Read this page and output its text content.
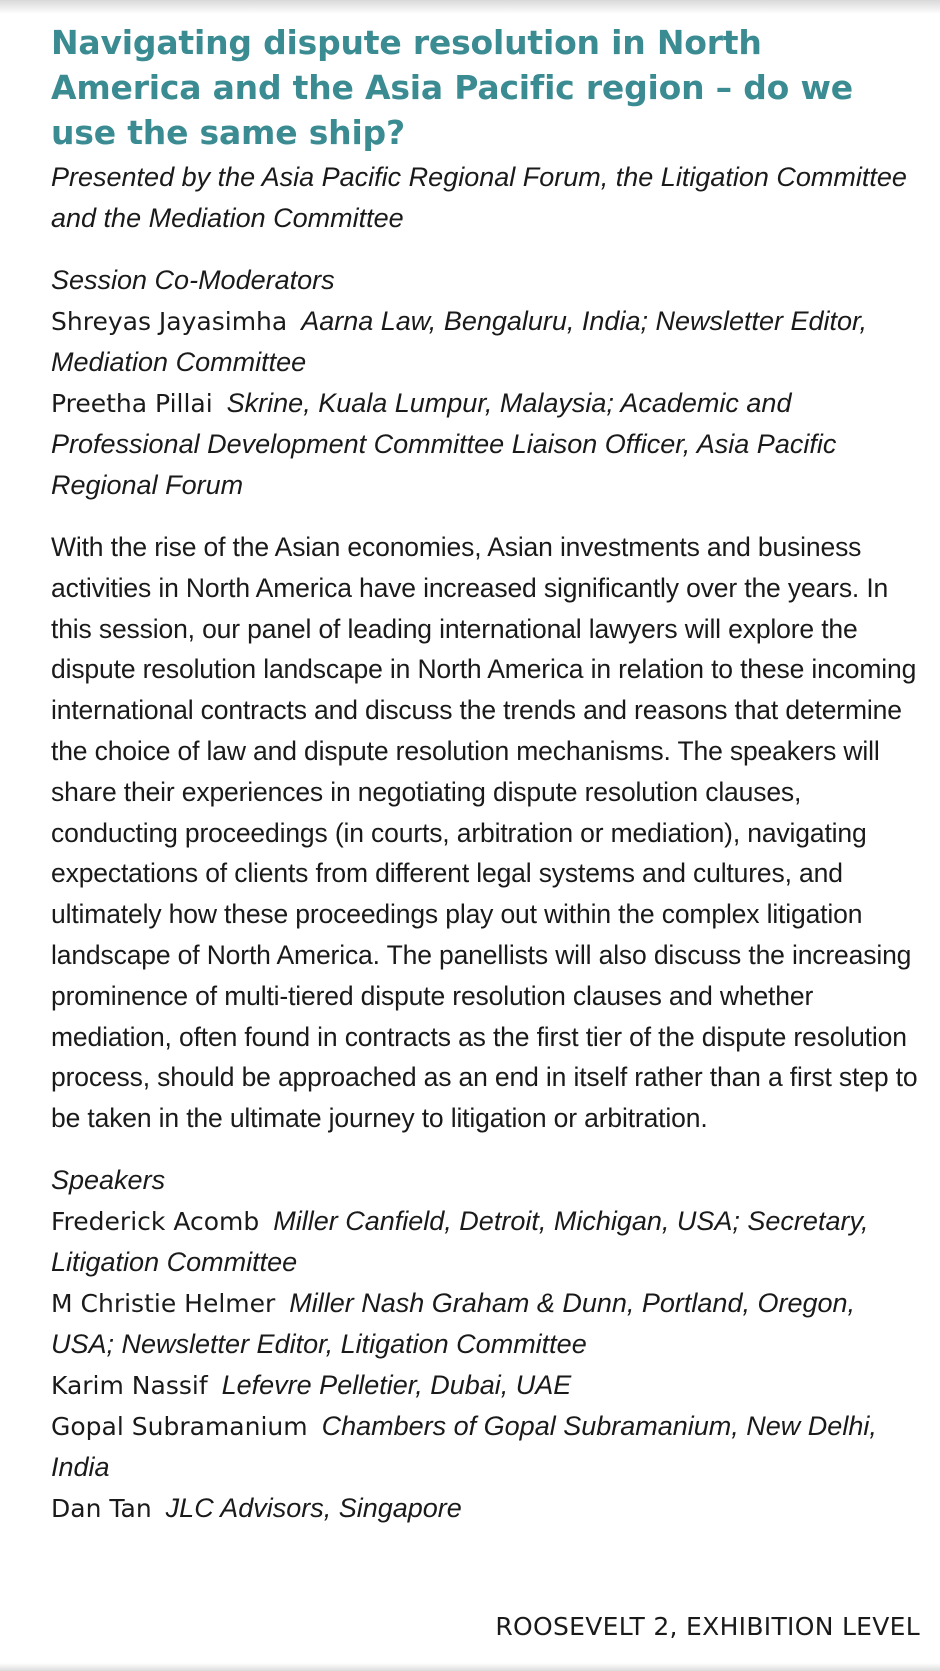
Navigating dispute resolution in North America and the Asia Pacific region – do we use the same ship?

Presented by the Asia Pacific Regional Forum, the Litigation Committee and the Mediation Committee

Session Co-Moderators

Shreyas Jayasimha Aarna Law, Bengaluru, India; Newsletter Editor, Mediation Committee

Preetha Pillai Skrine, Kuala Lumpur, Malaysia; Academic and Professional Development Committee Liaison Officer, Asia Pacific Regional Forum

With the rise of the Asian economies, Asian investments and business activities in North America have increased significantly over the years. In this session, our panel of leading international lawyers will explore the dispute resolution landscape in North America in relation to these incoming international contracts and discuss the trends and reasons that determine the choice of law and dispute resolution mechanisms. The speakers will share their experiences in negotiating dispute resolution clauses, conducting proceedings (in courts, arbitration or mediation), navigating expectations of clients from different legal systems and cultures, and ultimately how these proceedings play out within the complex litigation landscape of North America. The panellists will also discuss the increasing prominence of multi-tiered dispute resolution clauses and whether mediation, often found in contracts as the first tier of the dispute resolution process, should be approached as an end in itself rather than a first step to be taken in the ultimate journey to litigation or arbitration.

Speakers

Frederick Acomb Miller Canfield, Detroit, Michigan, USA; Secretary, Litigation Committee

M Christie Helmer Miller Nash Graham & Dunn, Portland, Oregon, USA; Newsletter Editor, Litigation Committee

Karim Nassif Lefevre Pelletier, Dubai, UAE

Gopal Subramanium Chambers of Gopal Subramanium, New Delhi, India

Dan Tan JLC Advisors, Singapore

ROOSEVELT 2, EXHIBITION LEVEL
